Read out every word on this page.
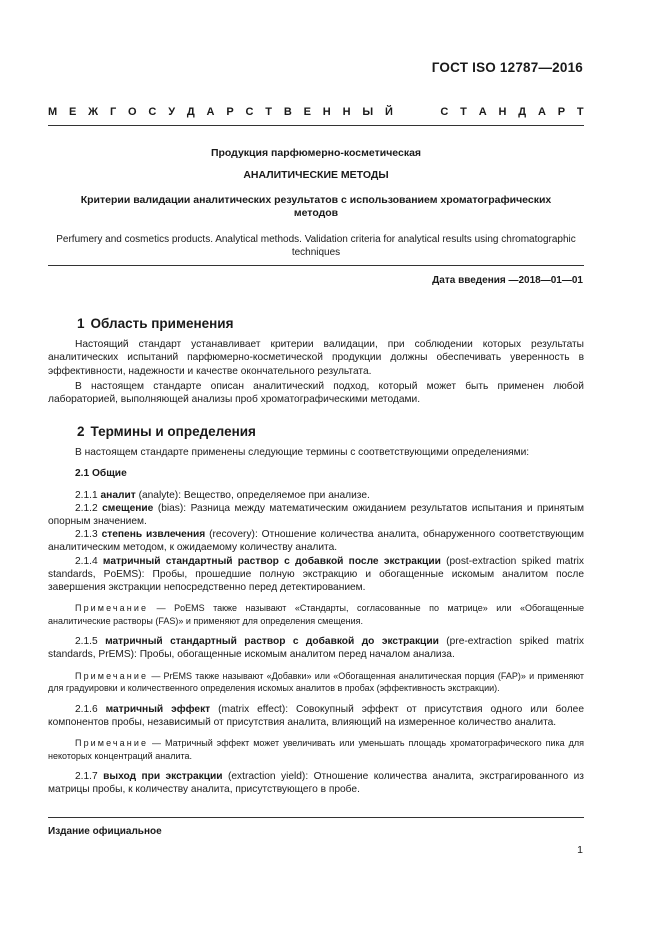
ГОСТ ISO 12787—2016
М Е Ж Г О С У Д А Р С Т В Е Н Н Ы Й	С Т А Н Д А Р Т
Продукция парфюмерно-косметическая
АНАЛИТИЧЕСКИЕ МЕТОДЫ
Критерии валидации аналитических результатов с использованием хроматографических методов
Perfumery and cosmetics products. Analytical methods. Validation criteria for analytical results using chromatographic techniques
Дата введения —2018—01—01
1 Область применения

Настоящий стандарт устанавливает критерии валидации, при соблюдении которых результаты аналитических испытаний парфюмерно-косметической продукции должны обеспечивать уверенность в эффективности, надежности и качестве окончательного результата.

В настоящем стандарте описан аналитический подход, который может быть применен любой лабораторией, выполняющей анализы проб хроматографическими методами.

2 Термины и определения

В настоящем стандарте применены следующие термины с соответствующими определениями:

2.1 Общие

2.1.1 аналит (analyte): Вещество, определяемое при анализе.

2.1.2 смещение (bias): Разница между математическим ожиданием результатов испытания и принятым опорным значением.

2.1.3 степень извлечения (recovery): Отношение количества аналита, обнаруженного соответствующим аналитическим методом, к ожидаемому количеству аналита.

2.1.4 матричный стандартный раствор с добавкой после экстракции (post-extraction spiked matrix standards, PoEMS): Пробы, прошедшие полную экстракцию и обогащенные искомым аналитом после завершения экстракции непосредственно перед детектированием.

Примечание — PoEMS также называют «Стандарты, согласованные по матрице» или «Обогащенные аналитические растворы (FAS)» и применяют для определения смещения.

2.1.5 матричный стандартный раствор с добавкой до экстракции (pre-extraction spiked matrix standards, PrEMS): Пробы, обогащенные искомым аналитом перед началом анализа.

Примечание — PrEMS также называют «Добавки» или «Обогащенная аналитическая порция (FAP)» и применяют для градуировки и количественного определения искомых аналитов в пробах (эффективность экстракции).

2.1.6 матричный эффект (matrix effect): Совокупный эффект от присутствия одного или более компонентов пробы, независимый от присутствия аналита, влияющий на измеренное количество аналита.

Примечание — Матричный эффект может увеличивать или уменьшать площадь хроматографического пика для некоторых концентраций аналита.

2.1.7 выход при экстракции (extraction yield): Отношение количества аналита, экстрагированного из матрицы пробы, к количеству аналита, присутствующего в пробе.

Издание официальное
1
